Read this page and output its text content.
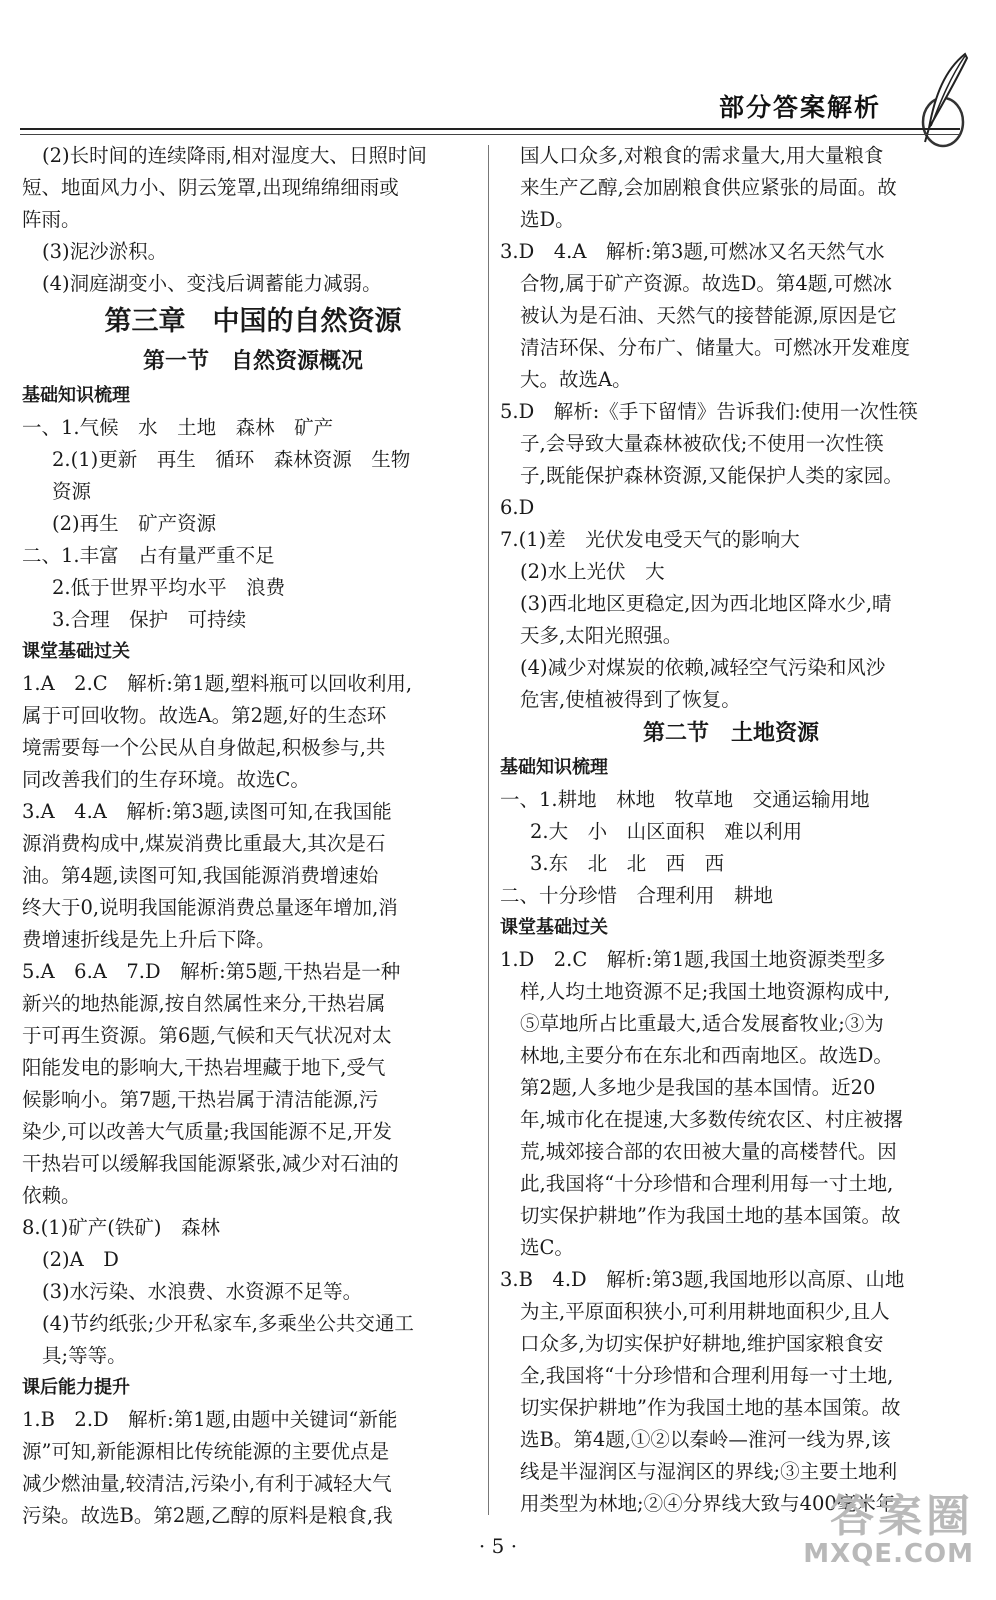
部分答案解析
(2)长时间的连续降雨,相对湿度大、日照时间
短、地面风力小、阴云笼罩,出现绵绵细雨或
阵雨。
(3)泥沙淤积。
(4)洞庭湖变小、变浅后调蓄能力减弱。
第三章　中国的自然资源
第一节　自然资源概况
基础知识梳理
一、1.气候　水　土地　森林　矿产
2.(1)更新　再生　循环　森林资源　生物
资源
(2)再生　矿产资源
二、1.丰富　占有量严重不足
2.低于世界平均水平　浪费
3.合理　保护　可持续
课堂基础过关
1.A　2.C　解析:第1题,塑料瓶可以回收利用,
属于可回收物。故选A。第2题,好的生态环
境需要每一个公民从自身做起,积极参与,共
同改善我们的生存环境。故选C。
3.A　4.A　解析:第3题,读图可知,在我国能
源消费构成中,煤炭消费比重最大,其次是石
油。第4题,读图可知,我国能源消费增速始
终大于0,说明我国能源消费总量逐年增加,消
费增速折线是先上升后下降。
5.A　6.A　7.D　解析:第5题,干热岩是一种
新兴的地热能源,按自然属性来分,干热岩属
于可再生资源。第6题,气候和天气状况对太
阳能发电的影响大,干热岩埋藏于地下,受气
候影响小。第7题,干热岩属于清洁能源,污
染少,可以改善大气质量;我国能源不足,开发
干热岩可以缓解我国能源紧张,减少对石油的
依赖。
8.(1)矿产(铁矿)　森林
(2)A　D
(3)水污染、水浪费、水资源不足等。
(4)节约纸张;少开私家车,多乘坐公共交通工
具;等等。
课后能力提升
1.B　2.D　解析:第1题,由题中关键词“新能
源”可知,新能源相比传统能源的主要优点是
减少燃油量,较清洁,污染小,有利于减轻大气
污染。故选B。第2题,乙醇的原料是粮食,我
国人口众多,对粮食的需求量大,用大量粮食
来生产乙醇,会加剧粮食供应紧张的局面。故
选D。
3.D　4.A　解析:第3题,可燃冰又名天然气水
合物,属于矿产资源。故选D。第4题,可燃冰
被认为是石油、天然气的接替能源,原因是它
清洁环保、分布广、储量大。可燃冰开发难度
大。故选A。
5.D　解析:《手下留情》告诉我们:使用一次性筷
子,会导致大量森林被砍伐;不使用一次性筷
子,既能保护森林资源,又能保护人类的家园。
6.D
7.(1)差　光伏发电受天气的影响大
(2)水上光伏　大
(3)西北地区更稳定,因为西北地区降水少,晴
天多,太阳光照强。
(4)减少对煤炭的依赖,减轻空气污染和风沙
危害,使植被得到了恢复。
第二节　土地资源
基础知识梳理
一、1.耕地　林地　牧草地　交通运输用地
2.大　小　山区面积　难以利用
3.东　北　北　西　西
二、十分珍惜　合理利用　耕地
课堂基础过关
1.D　2.C　解析:第1题,我国土地资源类型多
样,人均土地资源不足;我国土地资源构成中,
⑤草地所占比重最大,适合发展畜牧业;③为
林地,主要分布在东北和西南地区。故选D。
第2题,人多地少是我国的基本国情。近20
年,城市化在提速,大多数传统农区、村庄被撂
荒,城郊接合部的农田被大量的高楼替代。因
此,我国将“十分珍惜和合理利用每一寸土地,
切实保护耕地”作为我国土地的基本国策。故
选C。
3.B　4.D　解析:第3题,我国地形以高原、山地
为主,平原面积狭小,可利用耕地面积少,且人
口众多,为切实保护好耕地,维护国家粮食安
全,我国将“十分珍惜和合理利用每一寸土地,
切实保护耕地”作为我国土地的基本国策。故
选B。第4题,①②以秦岭—淮河一线为界,该
线是半湿润区与湿润区的界线;③主要土地利
用类型为林地;②④分界线大致与400毫米年
· 5 ·
答案圈
MXQE.COM
